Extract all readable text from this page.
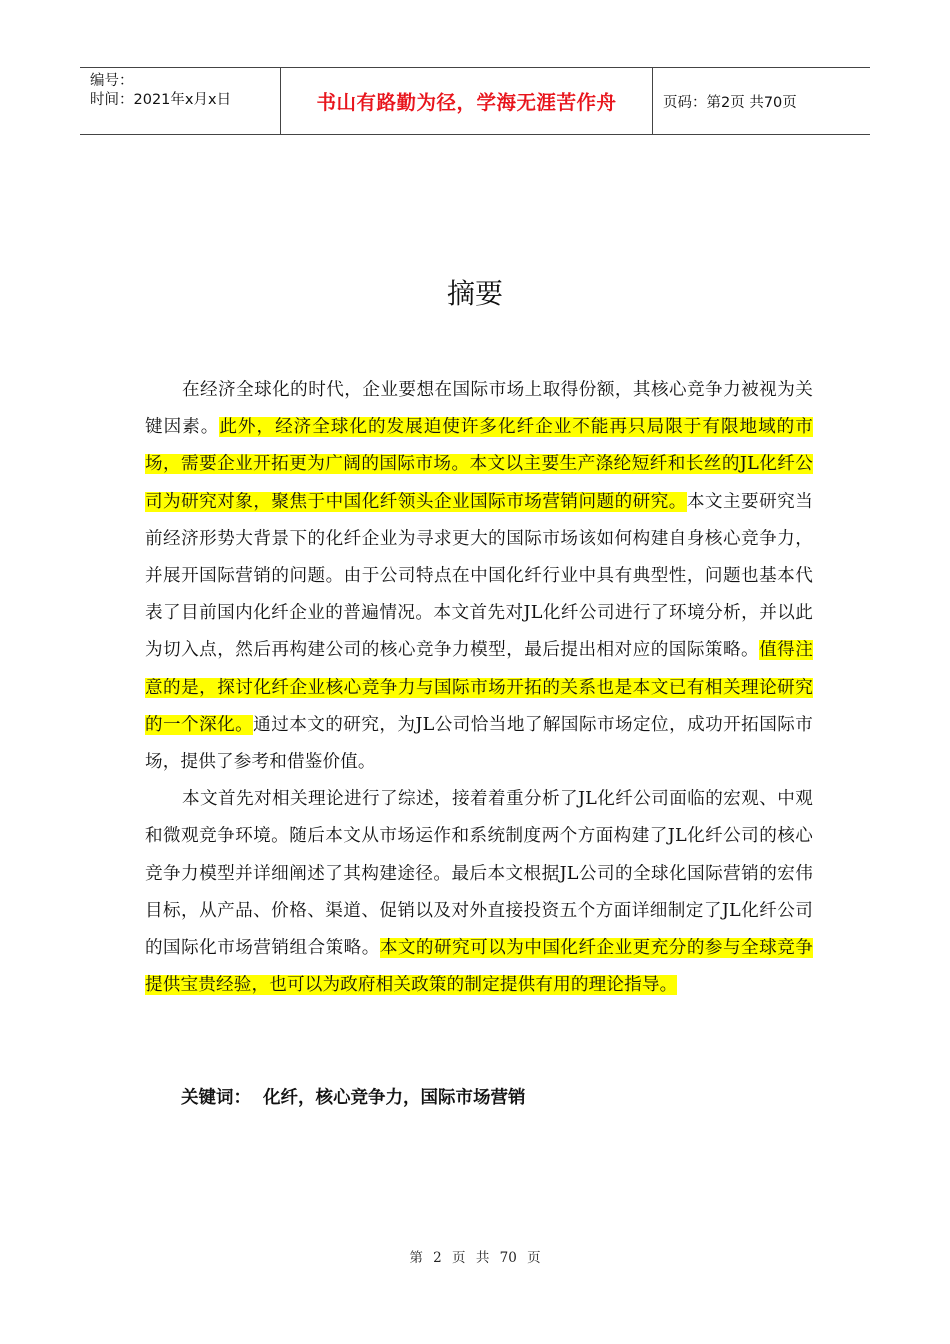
编号：
时间：2021年x月x日	书山有路勤为径，学海无涯苦作舟	页码：第2页 共70页
摘要

在经济全球化的时代，企业要想在国际市场上取得份额，其核心竞争力被视为关键因素。此外，经济全球化的发展迫使许多化纤企业不能再只局限于有限地域的市场，需要企业开拓更为广阔的国际市场。本文以主要生产涤纶短纤和长丝的JL化纤公司为研究对象，聚焦于中国化纤领头企业国际市场营销问题的研究。本文主要研究当前经济形势大背景下的化纤企业为寻求更大的国际市场该如何构建自身核心竞争力，并展开国际营销的问题。由于公司特点在中国化纤行业中具有典型性，问题也基本代表了目前国内化纤企业的普遍情况。本文首先对JL化纤公司进行了环境分析，并以此为切入点，然后再构建公司的核心竞争力模型，最后提出相对应的国际策略。值得注意的是，探讨化纤企业核心竞争力与国际市场开拓的关系也是本文已有相关理论研究的一个深化。通过本文的研究，为JL公司恰当地了解国际市场定位，成功开拓国际市场，提供了参考和借鉴价值。

本文首先对相关理论进行了综述，接着着重分析了JL化纤公司面临的宏观、中观和微观竞争环境。随后本文从市场运作和系统制度两个方面构建了JL化纤公司的核心竞争力模型并详细阐述了其构建途径。最后本文根据JL公司的全球化国际营销的宏伟目标，从产品、价格、渠道、促销以及对外直接投资五个方面详细制定了JL化纤公司的国际化市场营销组合策略。本文的研究可以为中国化纤企业更充分的参与全球竞争提供宝贵经验，也可以为政府相关政策的制定提供有用的理论指导。

关键词： 化纤，核心竞争力，国际市场营销
第 2 页 共 70 页
